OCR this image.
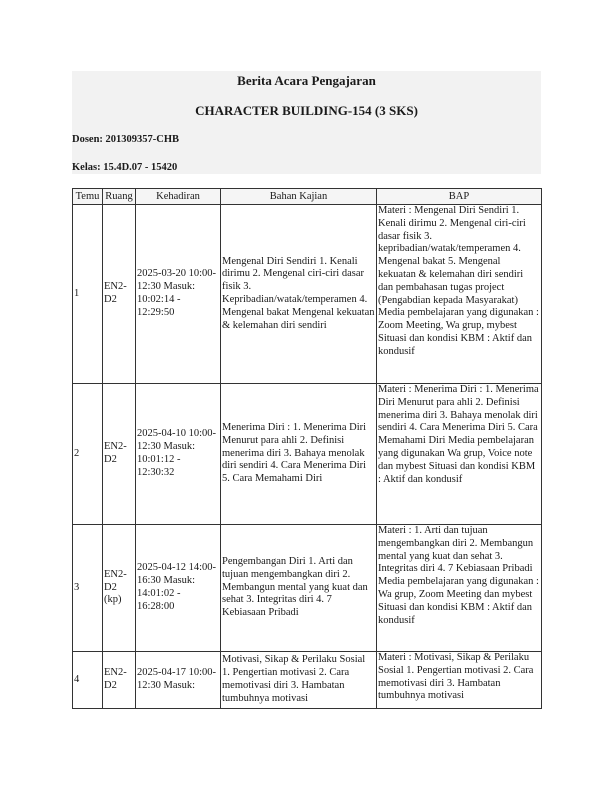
Berita Acara Pengajaran
CHARACTER BUILDING-154 (3 SKS)
Dosen: 201309357-CHB
Kelas: 15.4D.07 - 15420
Temu	Ruang	Kehadiran	Bahan Kajian	BAP
1	EN2-D2	2025-03-20 10:00-12:30 Masuk: 10:02:14 - 12:29:50	Mengenal Diri Sendiri 1. Kenali dirimu 2. Mengenal ciri-ciri dasar fisik 3. Kepribadian/watak/temperamen 4. Mengenal bakat Mengenal kekuatan & kelemahan diri sendiri	Materi : Mengenal Diri Sendiri 1. Kenali dirimu 2. Mengenal ciri-ciri dasar fisik 3. kepribadian/watak/temperamen 4. Mengenal bakat 5. Mengenal kekuatan & kelemahan diri sendiri dan pembahasan tugas project (Pengabdian kepada Masyarakat) Media pembelajaran yang digunakan : Zoom Meeting, Wa grup, mybest Situasi dan kondisi KBM : Aktif dan kondusif
2	EN2-D2	2025-04-10 10:00-12:30 Masuk: 10:01:12 - 12:30:32	Menerima Diri : 1. Menerima Diri Menurut para ahli 2. Definisi menerima diri 3. Bahaya menolak diri sendiri 4. Cara Menerima Diri 5. Cara Memahami Diri	Materi : Menerima Diri : 1. Menerima Diri Menurut para ahli 2. Definisi menerima diri 3. Bahaya menolak diri sendiri 4. Cara Menerima Diri 5. Cara Memahami Diri Media pembelajaran yang digunakan Wa grup, Voice note dan mybest Situasi dan kondisi KBM : Aktif dan kondusif
3	EN2-D2 (kp)	2025-04-12 14:00-16:30 Masuk: 14:01:02 - 16:28:00	Pengembangan Diri 1. Arti dan tujuan mengembangkan diri 2. Membangun mental yang kuat dan sehat 3. Integritas diri 4. 7 Kebiasaan Pribadi	Materi : 1. Arti dan tujuan mengembangkan diri 2. Membangun mental yang kuat dan sehat 3. Integritas diri 4. 7 Kebiasaan Pribadi Media pembelajaran yang digunakan : Wa grup, Zoom Meeting dan mybest Situasi dan kondisi KBM : Aktif dan kondusif
4	EN2-D2	2025-04-17 10:00-12:30 Masuk:	Motivasi, Sikap & Perilaku Sosial 1. Pengertian motivasi 2. Cara memotivasi diri 3. Hambatan tumbuhnya motivasi	Materi : Motivasi, Sikap & Perilaku Sosial 1. Pengertian motivasi 2. Cara memotivasi diri 3. Hambatan tumbuhnya motivasi
